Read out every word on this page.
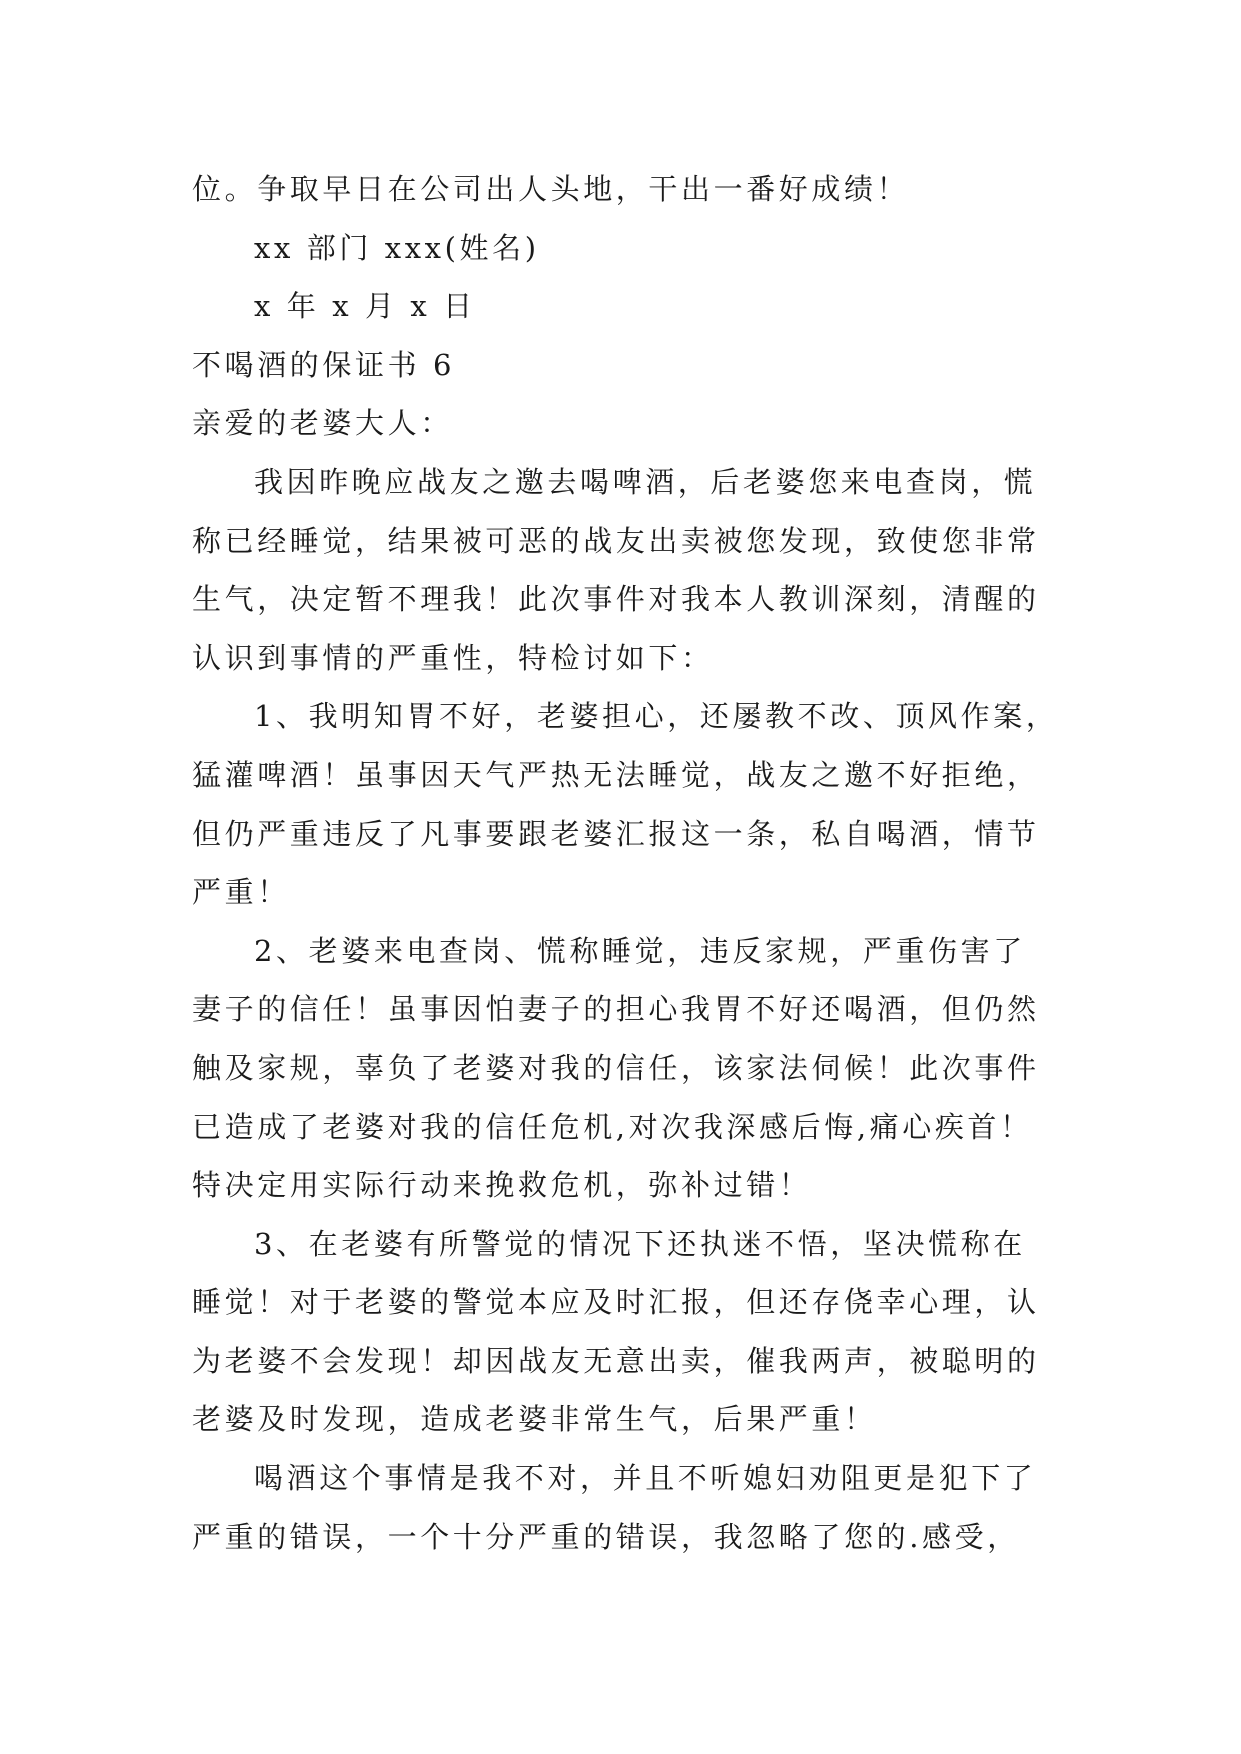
位。争取早日在公司出人头地，干出一番好成绩！

xx 部门 xxx(姓名)

x 年 x 月 x 日

不喝酒的保证书 6

亲爱的老婆大人：

我因昨晚应战友之邀去喝啤酒，后老婆您来电查岗，慌

称已经睡觉，结果被可恶的战友出卖被您发现，致使您非常

生气，决定暂不理我！此次事件对我本人教训深刻，清醒的

认识到事情的严重性，特检讨如下：

1、我明知胃不好，老婆担心，还屡教不改、顶风作案，

猛灌啤酒！虽事因天气严热无法睡觉，战友之邀不好拒绝，

但仍严重违反了凡事要跟老婆汇报这一条，私自喝酒，情节

严重！

2、老婆来电查岗、慌称睡觉，违反家规，严重伤害了

妻子的信任！虽事因怕妻子的担心我胃不好还喝酒，但仍然

触及家规，辜负了老婆对我的信任，该家法伺候！此次事件

已造成了老婆对我的信任危机,对次我深感后悔,痛心疾首！

特决定用实际行动来挽救危机，弥补过错！

3、在老婆有所警觉的情况下还执迷不悟，坚决慌称在

睡觉！对于老婆的警觉本应及时汇报，但还存侥幸心理，认

为老婆不会发现！却因战友无意出卖，催我两声，被聪明的

老婆及时发现，造成老婆非常生气，后果严重！

喝酒这个事情是我不对，并且不听媳妇劝阻更是犯下了

严重的错误，一个十分严重的错误，我忽略了您的.感受，
